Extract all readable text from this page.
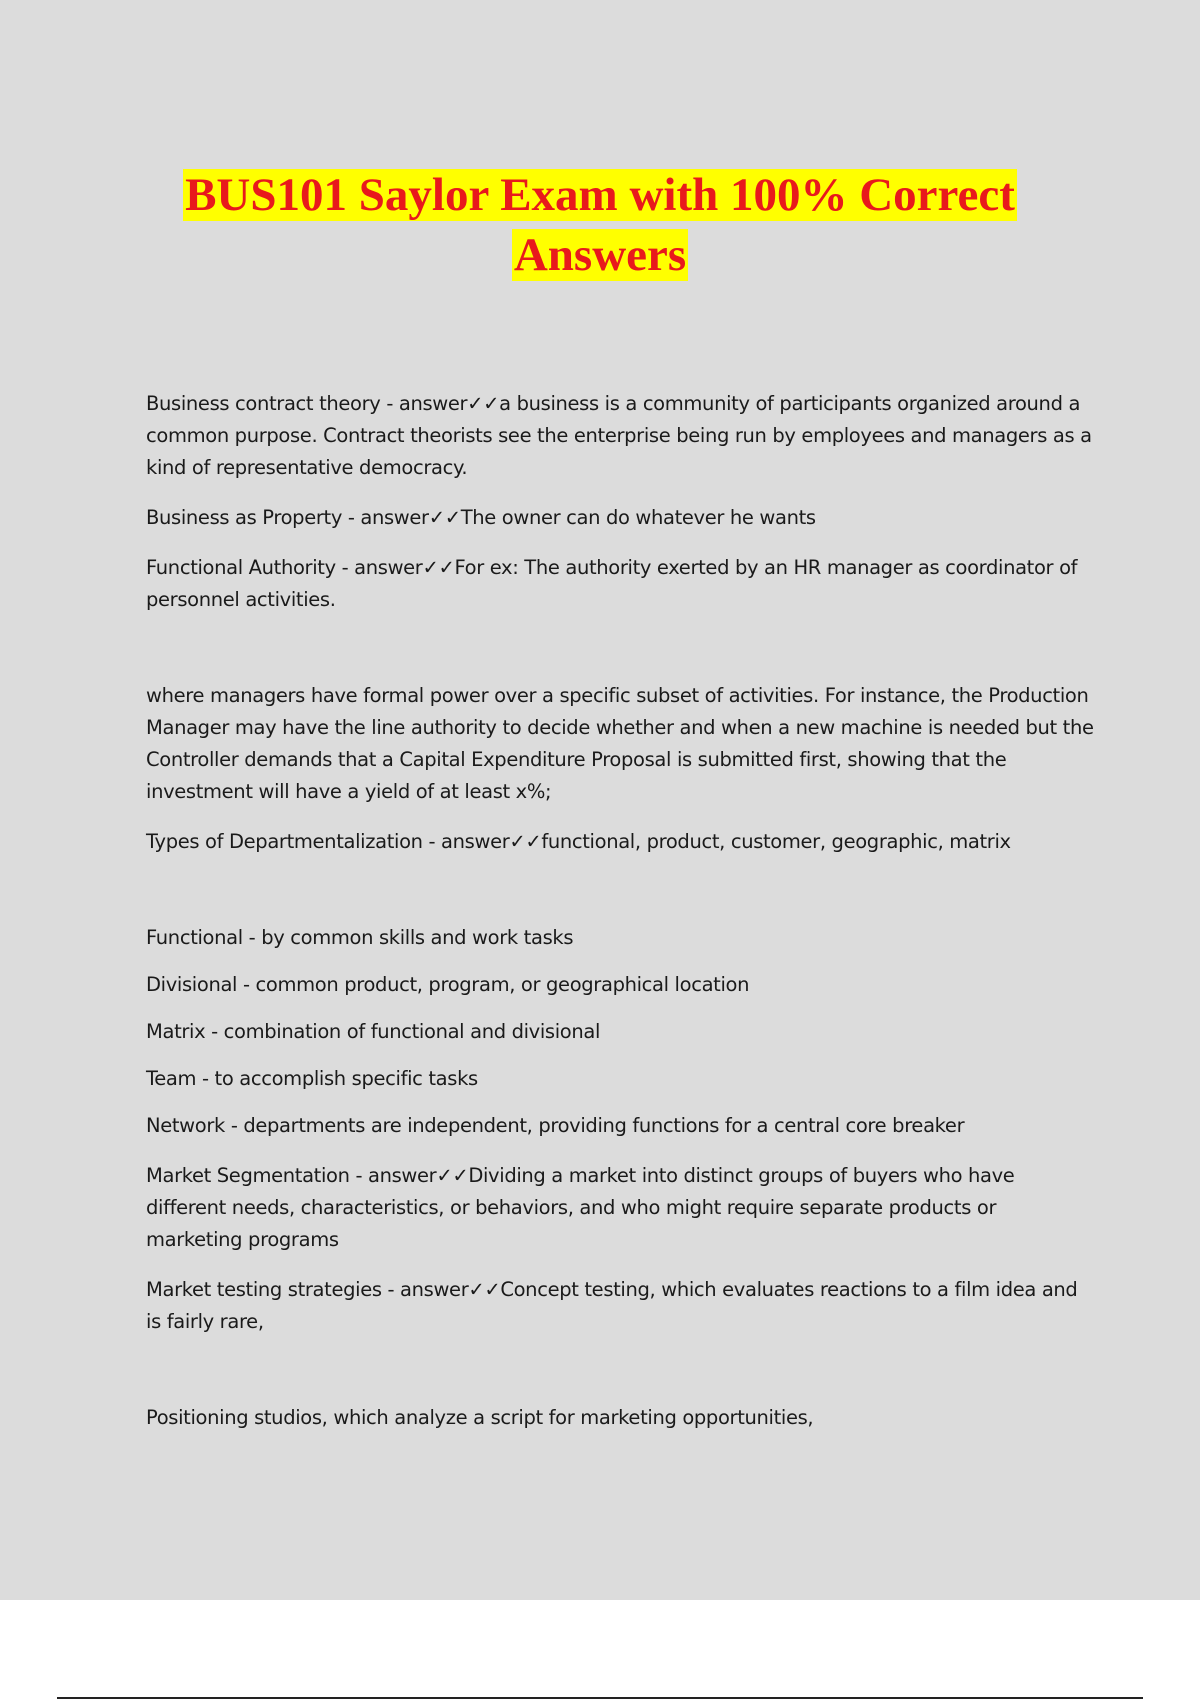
BUS101 Saylor Exam with 100% Correct
Answers

Business contract theory - answer✓✓a business is a community of participants organized around a common purpose. Contract theorists see the enterprise being run by employees and managers as a kind of representative democracy.

Business as Property - answer✓✓The owner can do whatever he wants

Functional Authority - answer✓✓For ex: The authority exerted by an HR manager as coordinator of personnel activities.

where managers have formal power over a specific subset of activities. For instance, the Production Manager may have the line authority to decide whether and when a new machine is needed but the Controller demands that a Capital Expenditure Proposal is submitted first, showing that the investment will have a yield of at least x%;

Types of Departmentalization - answer✓✓functional, product, customer, geographic, matrix

Functional - by common skills and work tasks

Divisional - common product, program, or geographical location

Matrix - combination of functional and divisional

Team - to accomplish specific tasks

Network - departments are independent, providing functions for a central core breaker

Market Segmentation - answer✓✓Dividing a market into distinct groups of buyers who have different needs, characteristics, or behaviors, and who might require separate products or marketing programs

Market testing strategies - answer✓✓Concept testing, which evaluates reactions to a film idea and is fairly rare,

Positioning studios, which analyze a script for marketing opportunities,
